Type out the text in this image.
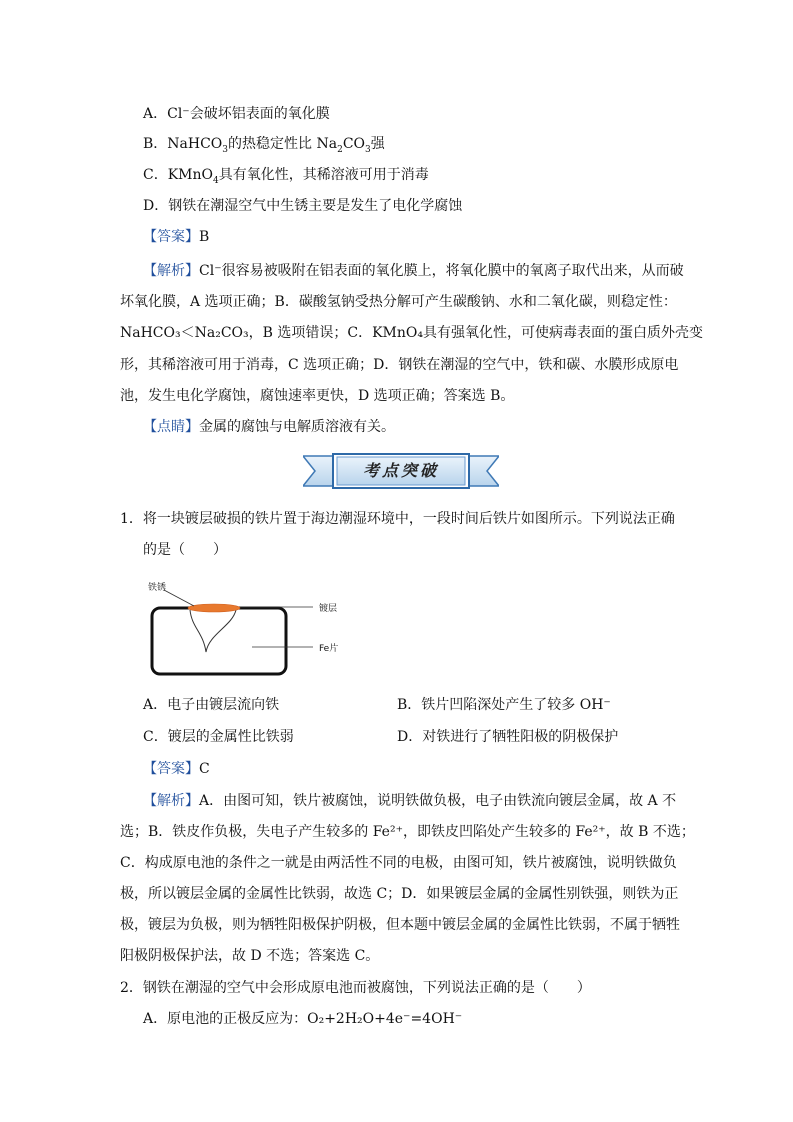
A．Cl⁻会破坏铝表面的氧化膜
B．NaHCO$_3$的热稳定性比 $Na_2CO_3$强
C．KMnO$_4$具有氧化性，其稀溶液可用于消毒
D．钢铁在潮湿空气中生锈主要是发生了电化学腐蚀
【答案】B
【解析】Cl⁻很容易被吸附在铝表面的氧化膜上，将氧化膜中的氧离子取代出来，从而破
坏氧化膜，A 选项正确；B．碳酸氢钠受热分解可产生碳酸钠、水和二氧化碳，则稳定性：
NaHCO₃＜Na₂CO₃，B 选项错误；C．KMnO₄具有强氧化性，可使病毒表面的蛋白质外壳变
形，其稀溶液可用于消毒，C 选项正确；D．钢铁在潮湿的空气中，铁和碳、水膜形成原电
池，发生电化学腐蚀，腐蚀速率更快，D 选项正确；答案选 B。
【点睛】金属的腐蚀与电解质溶液有关。
考点突破
1．将一块镀层破损的铁片置于海边潮湿环境中，一段时间后铁片如图所示。下列说法正确
的是（　　）
铁锈
镀层
Fe片
A．电子由镀层流向铁	B．铁片凹陷深处产生了较多 OH⁻
C．镀层的金属性比铁弱	D．对铁进行了牺牲阳极的阴极保护
【答案】C
【解析】A．由图可知，铁片被腐蚀，说明铁做负极，电子由铁流向镀层金属，故 A 不
选；B．铁皮作负极，失电子产生较多的 Fe²⁺，即铁皮凹陷处产生较多的 Fe²⁺，故 B 不选；
C．构成原电池的条件之一就是由两活性不同的电极，由图可知，铁片被腐蚀，说明铁做负
极，所以镀层金属的金属性比铁弱，故选 C；D．如果镀层金属的金属性别铁强，则铁为正
极，镀层为负极，则为牺牲阳极保护阴极，但本题中镀层金属的金属性比铁弱，不属于牺牲
阳极阴极保护法，故 D 不选；答案选 C。
2．钢铁在潮湿的空气中会形成原电池而被腐蚀，下列说法正确的是（　　）
A．原电池的正极反应为：O₂+2H₂O+4e⁻=4OH⁻
